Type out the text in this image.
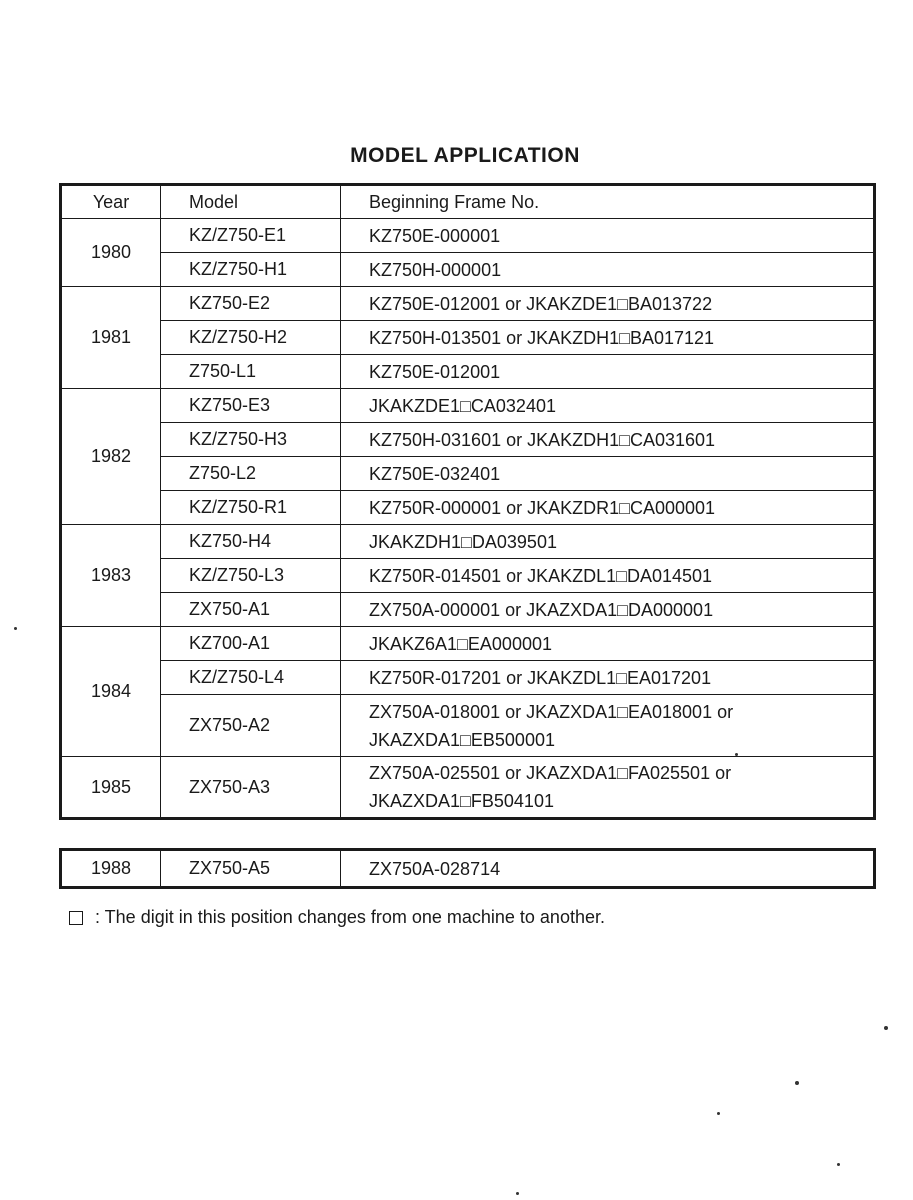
MODEL APPLICATION
Year	Model	Beginning Frame No.
1980	KZ/Z750-E1	KZ750E-000001
	KZ/Z750-H1	KZ750H-000001
1981	KZ750-E2	KZ750E-012001 or JKAKZDE1□BA013722
	KZ/Z750-H2	KZ750H-013501 or JKAKZDH1□BA017121
	Z750-L1	KZ750E-012001
1982	KZ750-E3	JKAKZDE1□CA032401
	KZ/Z750-H3	KZ750H-031601 or JKAKZDH1□CA031601
	Z750-L2	KZ750E-032401
	KZ/Z750-R1	KZ750R-000001 or JKAKZDR1□CA000001
1983	KZ750-H4	JKAKZDH1□DA039501
	KZ/Z750-L3	KZ750R-014501 or JKAKZDL1□DA014501
	ZX750-A1	ZX750A-000001 or JKAZXDA1□DA000001
1984	KZ700-A1	JKAKZ6A1□EA000001
	KZ/Z750-L4	KZ750R-017201 or JKAKZDL1□EA017201
	ZX750-A2	ZX750A-018001 or JKAZXDA1□EA018001 or
JKAZXDA1□EB500001
1985	ZX750-A3	ZX750A-025501 or JKAZXDA1□FA025501 or
JKAZXDA1□FB504101
1988	ZX750-A5	ZX750A-028714
: The digit in this position changes from one machine to another.
